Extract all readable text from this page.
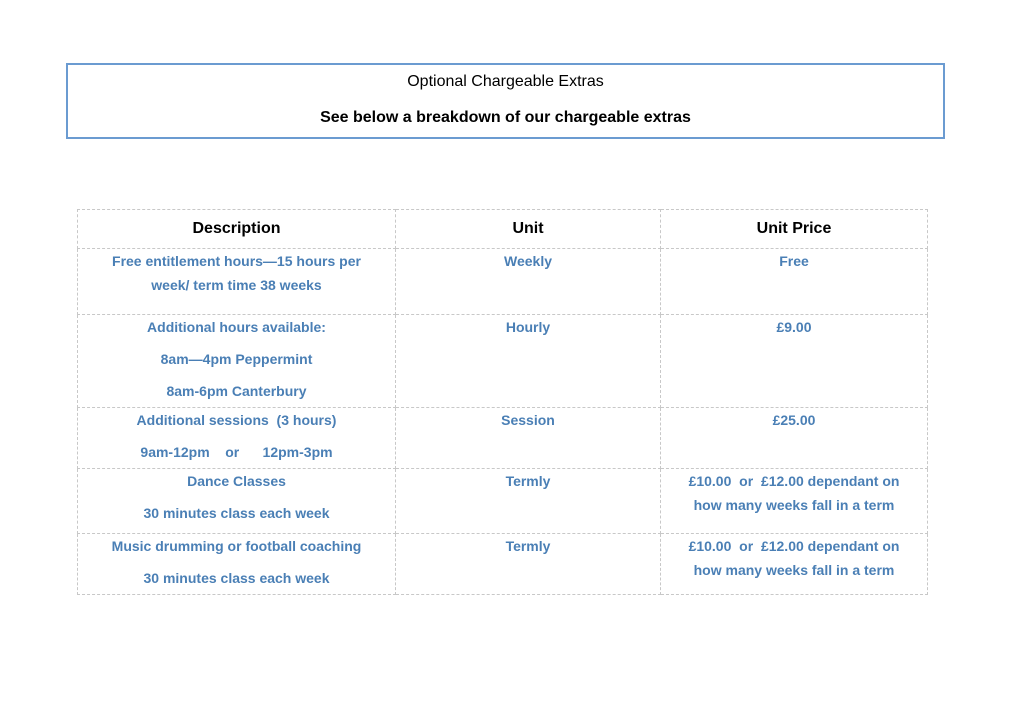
Optional Chargeable Extras
See below a breakdown of our chargeable extras
Description	Unit	Unit Price

Free entitlement hours—15 hours per
week/ term time 38 weeks	Weekly	Free

Additional hours available:
8am—4pm Peppermint
8am-6pm Canterbury	Hourly	£9.00

Additional sessions  (3 hours)
9am-12pm    or      12pm-3pm	Session	£25.00

Dance Classes
30 minutes class each week	Termly	£10.00  or  £12.00 dependant on
how many weeks fall in a term

Music drumming or football coaching
30 minutes class each week	Termly	£10.00  or  £12.00 dependant on
how many weeks fall in a term
